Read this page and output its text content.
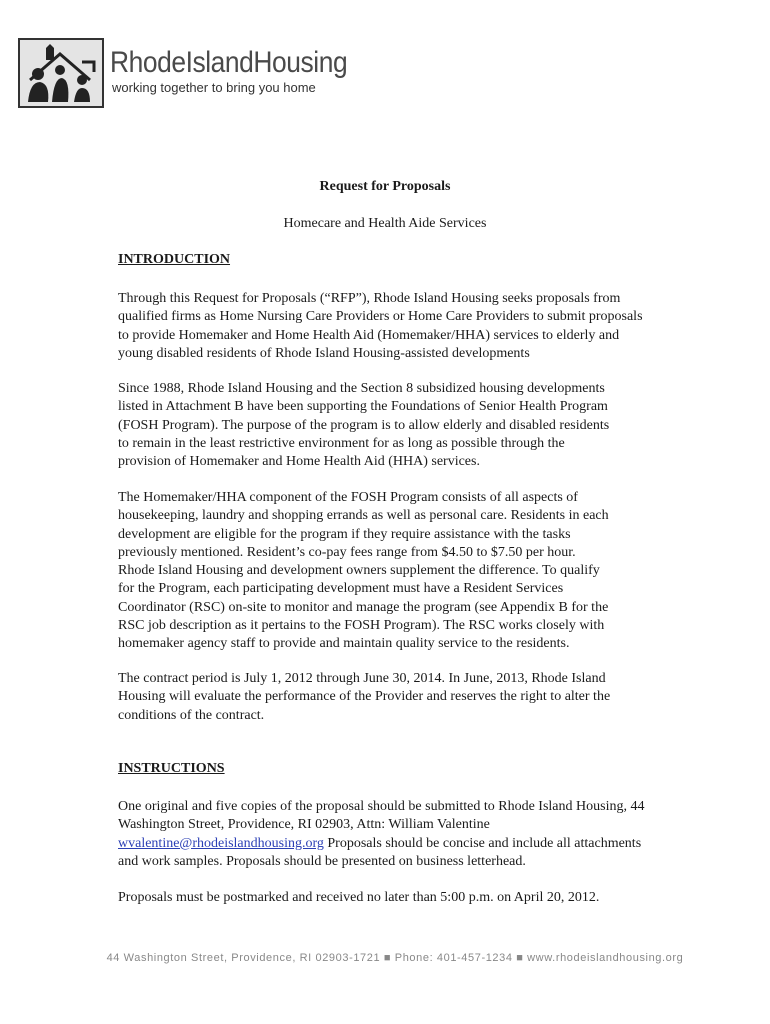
RhodeIslandHousing
working together to bring you home
Request for Proposals
Homecare and Health Aide Services
INTRODUCTION

Through this Request for Proposals (“RFP”), Rhode Island Housing seeks proposals from
qualified firms as Home Nursing Care Providers or Home Care Providers to submit proposals
to provide Homemaker and Home Health Aid (Homemaker/HHA) services to elderly and
young disabled residents of Rhode Island Housing-assisted developments

Since 1988, Rhode Island Housing and the Section 8 subsidized housing developments
listed in Attachment B have been supporting the Foundations of Senior Health Program
(FOSH Program). The purpose of the program is to allow elderly and disabled residents
to remain in the least restrictive environment for as long as possible through the
provision of Homemaker and Home Health Aid (HHA) services.

The Homemaker/HHA component of the FOSH Program consists of all aspects of
housekeeping, laundry and shopping errands as well as personal care. Residents in each
development are eligible for the program if they require assistance with the tasks
previously mentioned. Resident’s co-pay fees range from $4.50 to $7.50 per hour.
Rhode Island Housing and development owners supplement the difference. To qualify
for the Program, each participating development must have a Resident Services
Coordinator (RSC) on-site to monitor and manage the program (see Appendix B for the
RSC job description as it pertains to the FOSH Program). The RSC works closely with
homemaker agency staff to provide and maintain quality service to the residents.

The contract period is July 1, 2012 through June 30, 2014. In June, 2013, Rhode Island
Housing will evaluate the performance of the Provider and reserves the right to alter the
conditions of the contract.

INSTRUCTIONS

One original and five copies of the proposal should be submitted to Rhode Island Housing, 44
Washington Street, Providence, RI 02903, Attn: William Valentine
wvalentine@rhodeislandhousing.org Proposals should be concise and include all attachments
and work samples. Proposals should be presented on business letterhead.

Proposals must be postmarked and received no later than 5:00 p.m. on April 20, 2012.

44 Washington Street, Providence, RI 02903-1721 ■ Phone: 401-457-1234 ■ www.rhodeislandhousing.org
